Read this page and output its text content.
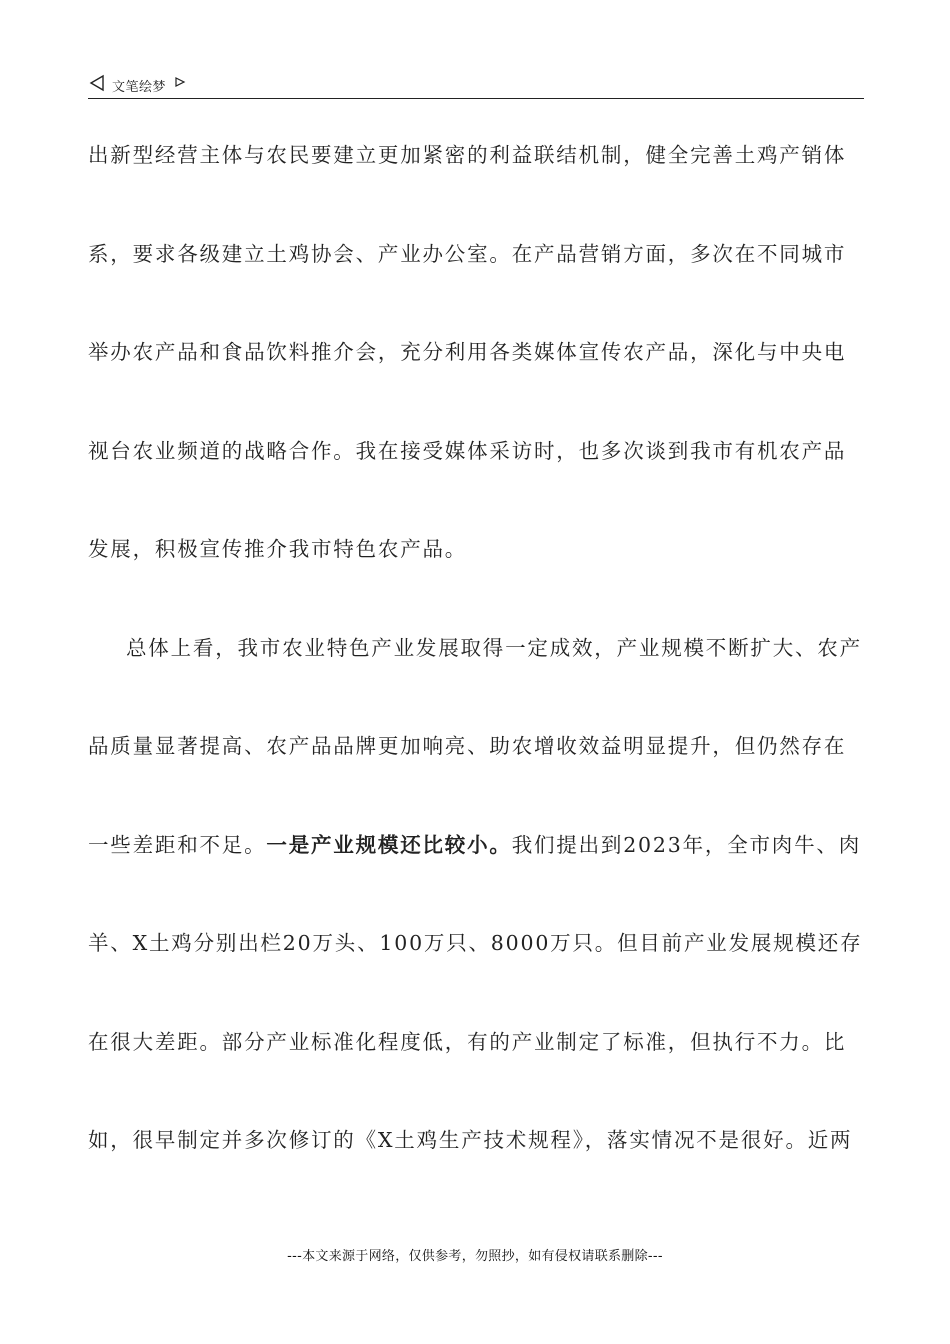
文笔绘梦
出新型经营主体与农民要建立更加紧密的利益联结机制，健全完善土鸡产销体
系，要求各级建立土鸡协会、产业办公室。在产品营销方面，多次在不同城市
举办农产品和食品饮料推介会，充分利用各类媒体宣传农产品，深化与中央电
视台农业频道的战略合作。我在接受媒体采访时，也多次谈到我市有机农产品
发展，积极宣传推介我市特色农产品。
总体上看，我市农业特色产业发展取得一定成效，产业规模不断扩大、农产
品质量显著提高、农产品品牌更加响亮、助农增收效益明显提升，但仍然存在
一些差距和不足。一是产业规模还比较小。我们提出到2023年，全市肉牛、肉
羊、X土鸡分别出栏20万头、100万只、8000万只。但目前产业发展规模还存
在很大差距。部分产业标准化程度低，有的产业制定了标准，但执行不力。比
如，很早制定并多次修订的《X土鸡生产技术规程》，落实情况不是很好。近两
---本文来源于网络，仅供参考，勿照抄，如有侵权请联系删除---
